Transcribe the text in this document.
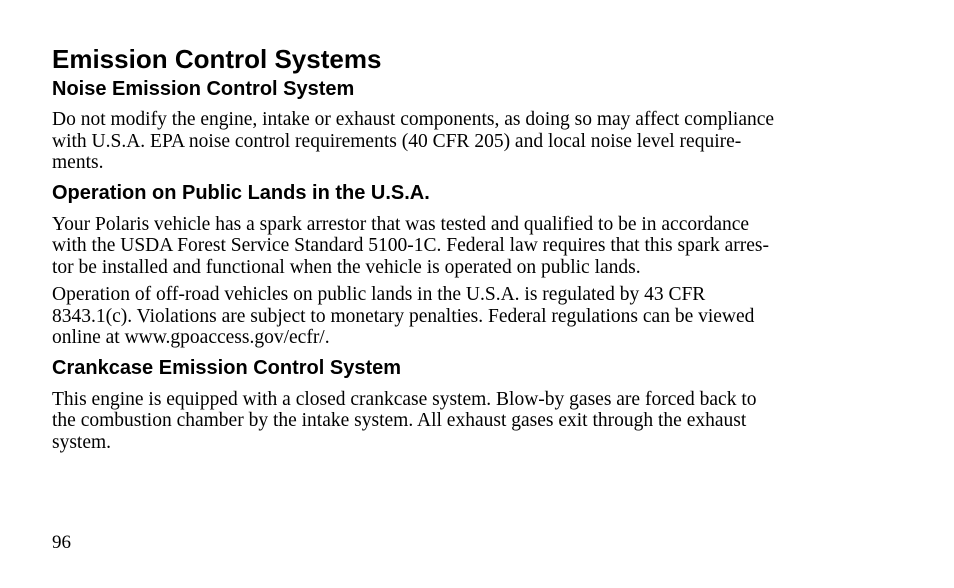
Emission Control Systems
Noise Emission Control System

Do not modify the engine, intake or exhaust components, as doing so may affect compliance
with U.S.A. EPA noise control requirements (40 CFR 205) and local noise level require-
ments.

Operation on Public Lands in the U.S.A.

Your Polaris vehicle has a spark arrestor that was tested and qualified to be in accordance
with the USDA Forest Service Standard 5100-1C. Federal law requires that this spark arres-
tor be installed and functional when the vehicle is operated on public lands.

Operation of off-road vehicles on public lands in the U.S.A. is regulated by 43 CFR
8343.1(c). Violations are subject to monetary penalties. Federal regulations can be viewed
online at www.gpoaccess.gov/ecfr/.

Crankcase Emission Control System

This engine is equipped with a closed crankcase system. Blow-by gases are forced back to
the combustion chamber by the intake system. All exhaust gases exit through the exhaust
system.

96
